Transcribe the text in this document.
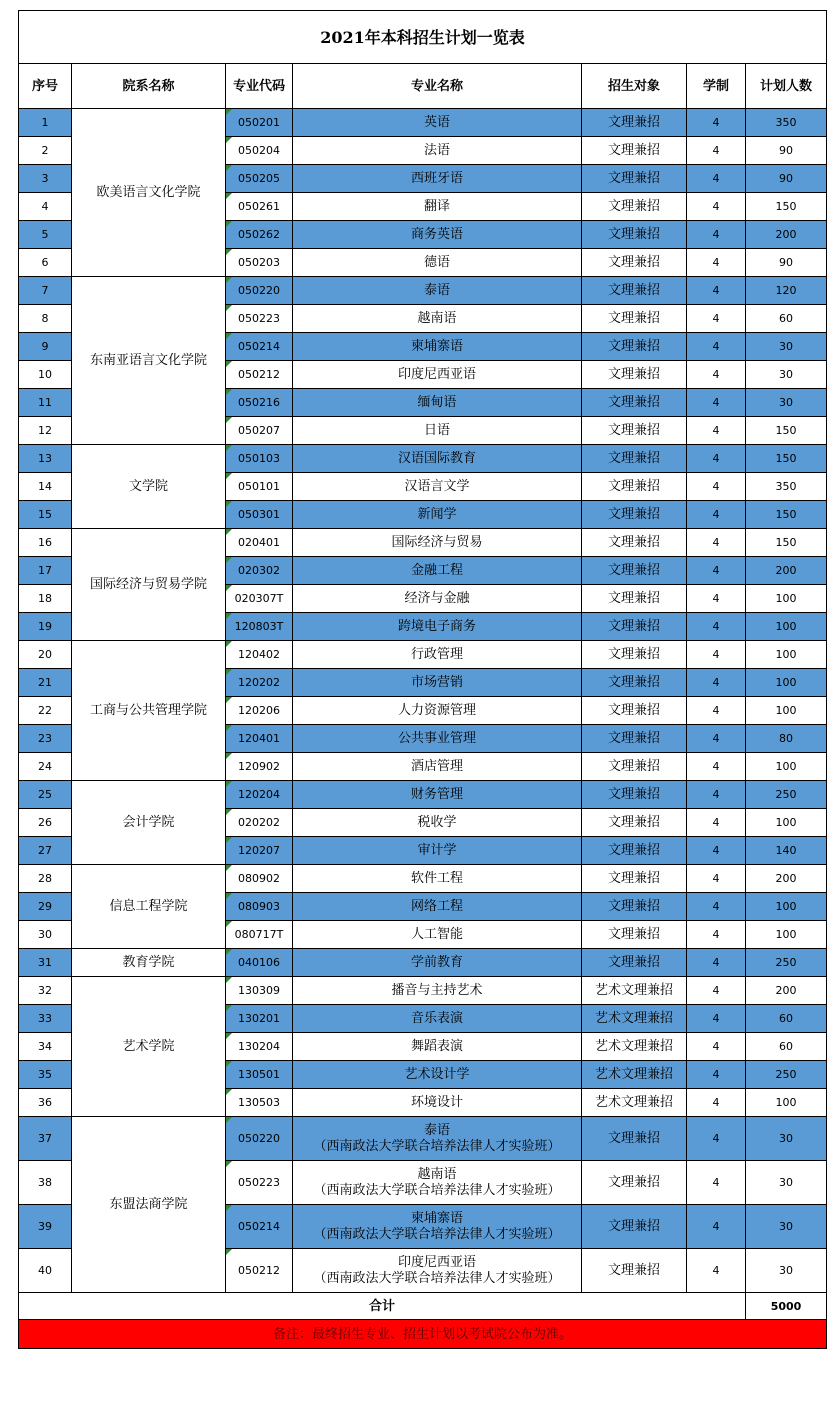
2021年本科招生计划一览表						
序号	院系名称	专业代码	专业名称	招生对象	学制	计划人数
1	欧美语言文化学院	050201	英语	文理兼招	4	350
2		050204	法语	文理兼招	4	90
3		050205	西班牙语	文理兼招	4	90
4		050261	翻译	文理兼招	4	150
5		050262	商务英语	文理兼招	4	200
6		050203	德语	文理兼招	4	90
7	东南亚语言文化学院	050220	泰语	文理兼招	4	120
8		050223	越南语	文理兼招	4	60
9		050214	柬埔寨语	文理兼招	4	30
10		050212	印度尼西亚语	文理兼招	4	30
11		050216	缅甸语	文理兼招	4	30
12		050207	日语	文理兼招	4	150
13	文学院	050103	汉语国际教育	文理兼招	4	150
14		050101	汉语言文学	文理兼招	4	350
15		050301	新闻学	文理兼招	4	150
16	国际经济与贸易学院	020401	国际经济与贸易	文理兼招	4	150
17		020302	金融工程	文理兼招	4	200
18		020307T	经济与金融	文理兼招	4	100
19		120803T	跨境电子商务	文理兼招	4	100
20	工商与公共管理学院	120402	行政管理	文理兼招	4	100
21		120202	市场营销	文理兼招	4	100
22		120206	人力资源管理	文理兼招	4	100
23		120401	公共事业管理	文理兼招	4	80
24		120902	酒店管理	文理兼招	4	100
25	会计学院	120204	财务管理	文理兼招	4	250
26		020202	税收学	文理兼招	4	100
27		120207	审计学	文理兼招	4	140
28	信息工程学院	080902	软件工程	文理兼招	4	200
29		080903	网络工程	文理兼招	4	100
30		080717T	人工智能	文理兼招	4	100
31	教育学院	040106	学前教育	文理兼招	4	250
32	艺术学院	130309	播音与主持艺术	艺术文理兼招	4	200
33		130201	音乐表演	艺术文理兼招	4	60
34		130204	舞蹈表演	艺术文理兼招	4	60
35		130501	艺术设计学	艺术文理兼招	4	250
36		130503	环境设计	艺术文理兼招	4	100
37	东盟法商学院	050220	泰语
（西南政法大学联合培养法律人才实验班）	文理兼招	4	30
38		050223	越南语
（西南政法大学联合培养法律人才实验班）	文理兼招	4	30
39		050214	柬埔寨语
（西南政法大学联合培养法律人才实验班）	文理兼招	4	30
40		050212	印度尼西亚语
（西南政法大学联合培养法律人才实验班）	文理兼招	4	30
合计						5000
备注：最终招生专业、招生计划以考试院公布为准。						
